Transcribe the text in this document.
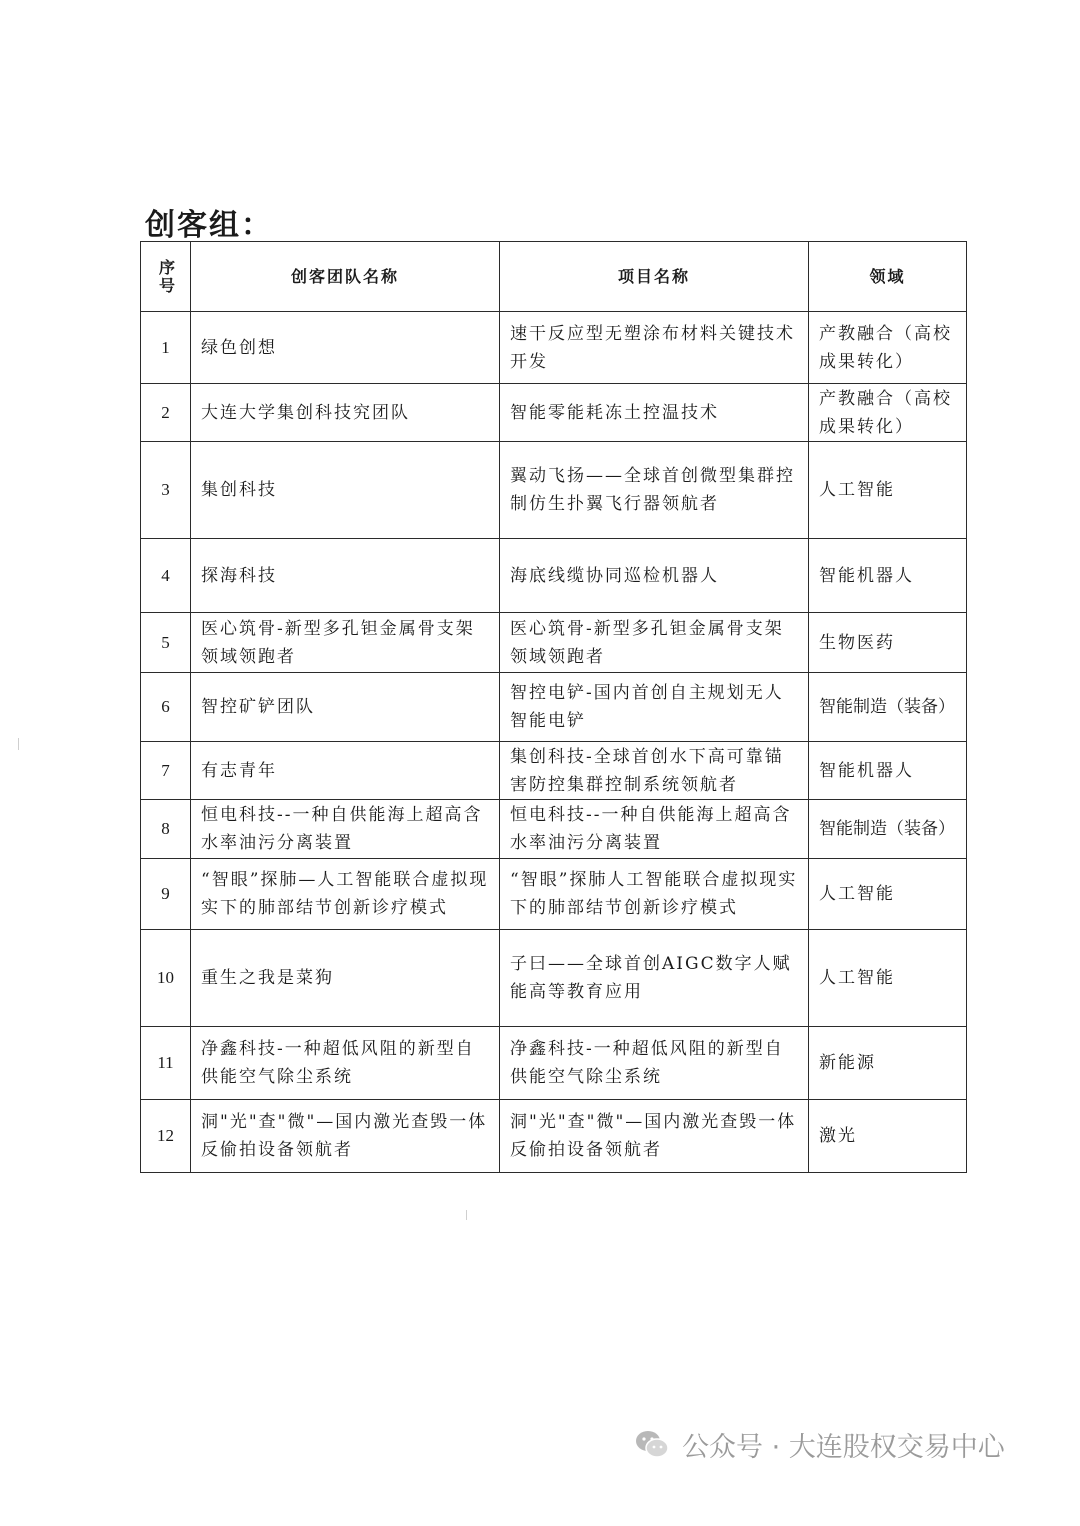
创客组：
序号	创客团队名称	项目名称	领域
1	绿色创想	速干反应型无塑涂布材料关键技术开发	产教融合（高校成果转化）
2	大连大学集创科技究团队	智能零能耗冻土控温技术	产教融合（高校成果转化）
3	集创科技	翼动飞扬——全球首创微型集群控制仿生扑翼飞行器领航者	人工智能
4	探海科技	海底线缆协同巡检机器人	智能机器人
5	医心筑骨-新型多孔钽金属骨支架领域领跑者	医心筑骨-新型多孔钽金属骨支架领域领跑者	生物医药
6	智控矿铲团队	智控电铲-国内首创自主规划无人智能电铲	智能制造（装备）
7	有志青年	集创科技-全球首创水下高可靠锚害防控集群控制系统领航者	智能机器人
8	恒电科技--一种自供能海上超高含水率油污分离装置	恒电科技--一种自供能海上超高含水率油污分离装置	智能制造（装备）
9	“智眼”探肺—人工智能联合虚拟现实下的肺部结节创新诊疗模式	“智眼”探肺人工智能联合虚拟现实下的肺部结节创新诊疗模式	人工智能
10	重生之我是菜狗	子曰——全球首创AIGC数字人赋能高等教育应用	人工智能
11	净鑫科技-一种超低风阻的新型自供能空气除尘系统	净鑫科技-一种超低风阻的新型自供能空气除尘系统	新能源
12	洞"光"查"微"—国内激光查毁一体反偷拍设备领航者	洞"光"查"微"—国内激光查毁一体反偷拍设备领航者	激光
公众号 · 大连股权交易中心
